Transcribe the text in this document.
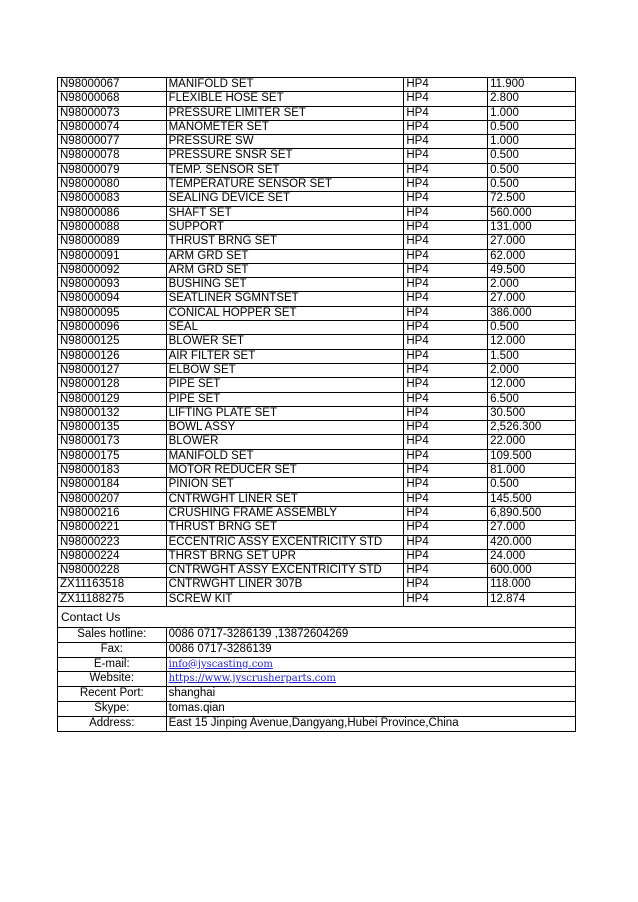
N98000067	MANIFOLD SET	HP4	11.900
N98000068	FLEXIBLE HOSE SET	HP4	2.800
N98000073	PRESSURE LIMITER SET	HP4	1.000
N98000074	MANOMETER SET	HP4	0.500
N98000077	PRESSURE SW	HP4	1.000
N98000078	PRESSURE SNSR SET	HP4	0.500
N98000079	TEMP. SENSOR SET	HP4	0.500
N98000080	TEMPERATURE SENSOR SET	HP4	0.500
N98000083	SEALING DEVICE SET	HP4	72.500
N98000086	SHAFT SET	HP4	560.000
N98000088	SUPPORT	HP4	131.000
N98000089	THRUST BRNG SET	HP4	27.000
N98000091	ARM GRD SET	HP4	62.000
N98000092	ARM GRD SET	HP4	49.500
N98000093	BUSHING SET	HP4	2.000
N98000094	SEATLINER SGMNTSET	HP4	27.000
N98000095	CONICAL HOPPER SET	HP4	386.000
N98000096	SEAL	HP4	0.500
N98000125	BLOWER SET	HP4	12.000
N98000126	AIR FILTER SET	HP4	1.500
N98000127	ELBOW SET	HP4	2.000
N98000128	PIPE SET	HP4	12.000
N98000129	PIPE SET	HP4	6.500
N98000132	LIFTING PLATE SET	HP4	30.500
N98000135	BOWL ASSY	HP4	2,526.300
N98000173	BLOWER	HP4	22.000
N98000175	MANIFOLD SET	HP4	109.500
N98000183	MOTOR REDUCER SET	HP4	81.000
N98000184	PINION SET	HP4	0.500
N98000207	CNTRWGHT LINER SET	HP4	145.500
N98000216	CRUSHING FRAME ASSEMBLY	HP4	6,890.500
N98000221	THRUST BRNG SET	HP4	27.000
N98000223	ECCENTRIC ASSY EXCENTRICITY STD	HP4	420.000
N98000224	THRST BRNG SET UPR	HP4	24.000
N98000228	CNTRWGHT ASSY EXCENTRICITY STD	HP4	600.000
ZX11163518	CNTRWGHT LINER 307B	HP4	118.000
ZX11188275	SCREW KIT	HP4	12.874
Contact Us			
Sales hotline:	0086 0717-3286139 ,13872604269		
Fax:	0086 0717-3286139		
E-mail:	info@jyscasting.com		
Website:	https://www.jyscrusherparts.com		
Recent Port:	shanghai		
Skype:	tomas.qian		
Address:	East 15 Jinping Avenue,Dangyang,Hubei Province,China		
